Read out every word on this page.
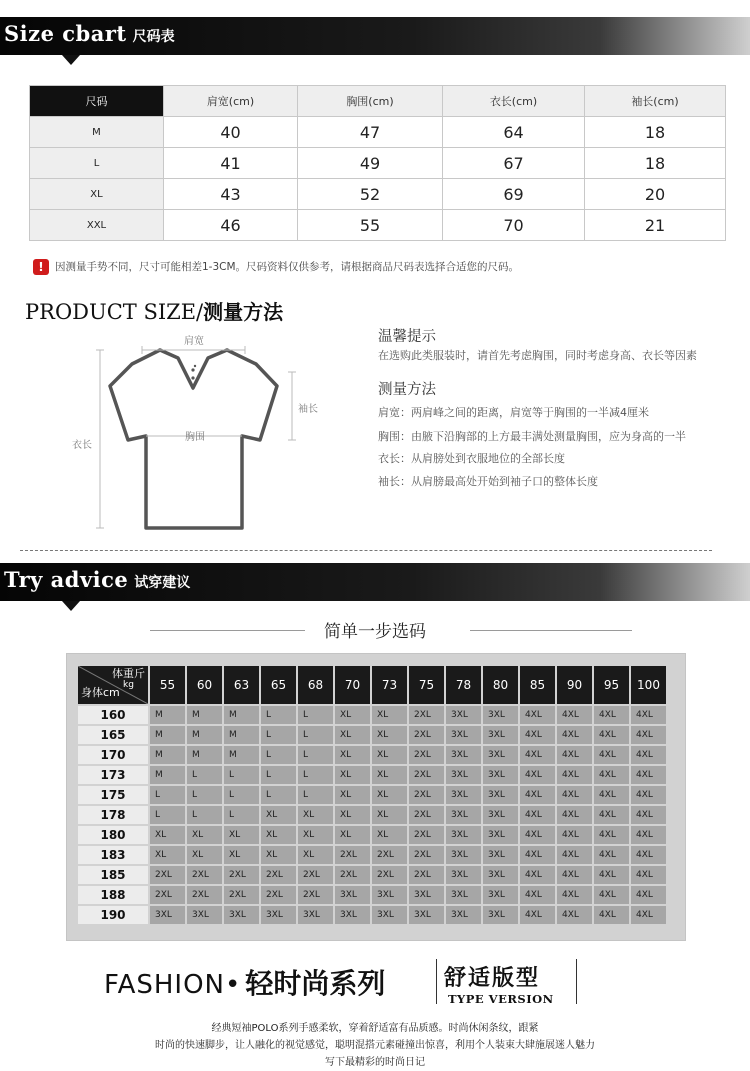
Size cbart 尺码表
尺码	肩宽(cm)	胸围(cm)	衣长(cm)	袖长(cm)
M	40	47	64	18
L	41	49	67	18
XL	43	52	69	20
XXL	46	55	70	21
! 因测量手势不同，尺寸可能相差1-3CM。尺码资料仅供参考，请根据商品尺码表选择合适您的尺码。
PRODUCT SIZE/测量方法
肩宽
袖长
胸围
衣长
温馨提示
在选购此类服装时，请首先考虑胸围，同时考虑身高、衣长等因素
测量方法
肩宽：两肩峰之间的距离，肩宽等于胸围的一半减4厘米
胸围：由腋下沿胸部的上方最丰满处测量胸围，应为身高的一半
衣长：从肩膀处到衣服地位的全部长度
袖长：从肩膀最高处开始到袖子口的整体长度
Try advice 试穿建议
简单一步选码
体重斤
kg
身体cm	55	60	63	65	68	70	73	75	78	80	85	90	95	100
160	M	M	M	L	L	XL	XL	2XL	3XL	3XL	4XL	4XL	4XL	4XL
165	M	M	M	L	L	XL	XL	2XL	3XL	3XL	4XL	4XL	4XL	4XL
170	M	M	M	L	L	XL	XL	2XL	3XL	3XL	4XL	4XL	4XL	4XL
173	M	L	L	L	L	XL	XL	2XL	3XL	3XL	4XL	4XL	4XL	4XL
175	L	L	L	L	L	XL	XL	2XL	3XL	3XL	4XL	4XL	4XL	4XL
178	L	L	L	XL	XL	XL	XL	2XL	3XL	3XL	4XL	4XL	4XL	4XL
180	XL	XL	XL	XL	XL	XL	XL	2XL	3XL	3XL	4XL	4XL	4XL	4XL
183	XL	XL	XL	XL	XL	2XL	2XL	2XL	3XL	3XL	4XL	4XL	4XL	4XL
185	2XL	2XL	2XL	2XL	2XL	2XL	2XL	2XL	3XL	3XL	4XL	4XL	4XL	4XL
188	2XL	2XL	2XL	2XL	2XL	3XL	3XL	3XL	3XL	3XL	4XL	4XL	4XL	4XL
190	3XL	3XL	3XL	3XL	3XL	3XL	3XL	3XL	3XL	3XL	4XL	4XL	4XL	4XL
FASHION• 轻时尚系列	舒适版型
TYPE VERSION
经典短袖POLO系列手感柔软，穿着舒适富有品质感。时尚休闲条纹，跟紧
时尚的快速脚步，让人融化的视觉感觉，聪明混搭元素碰撞出惊喜，利用个人装束大肆施展迷人魅力
写下最精彩的时尚日记
